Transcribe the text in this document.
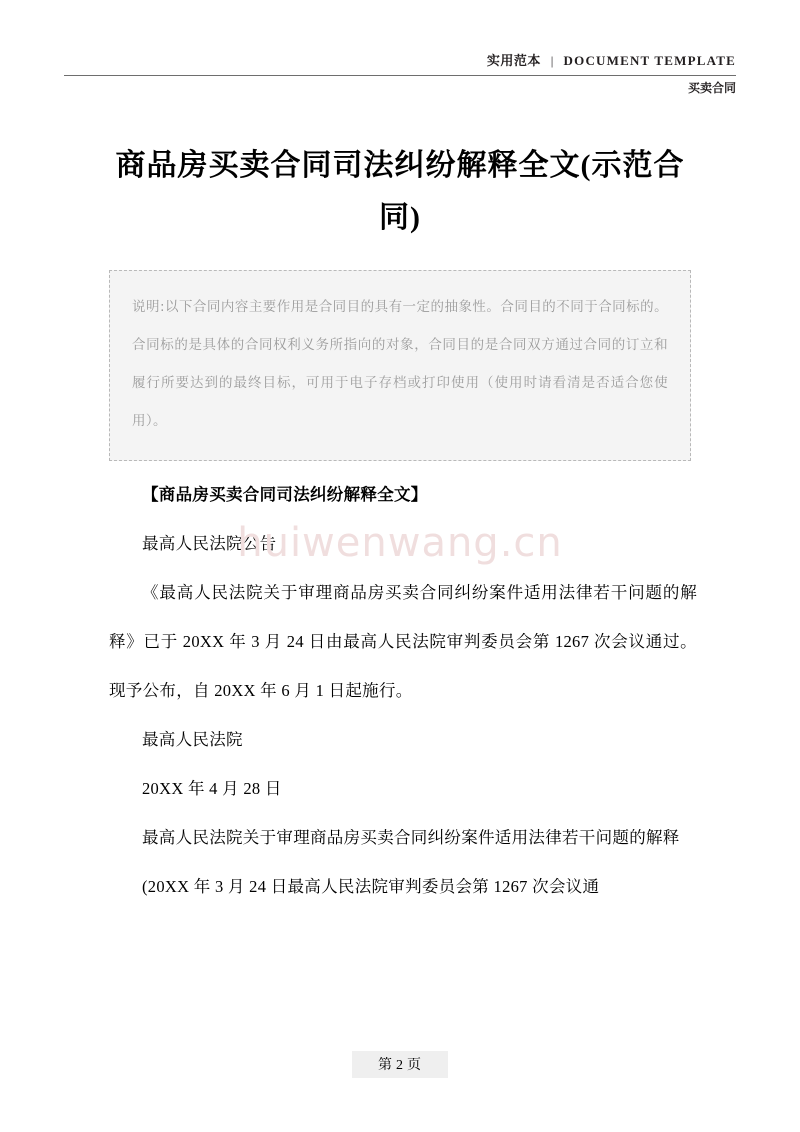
实用范本 | DOCUMENT TEMPLATE
买卖合同
商品房买卖合同司法纠纷解释全文(示范合同)
说明:以下合同内容主要作用是合同目的具有一定的抽象性。合同目的不同于合同标的。合同标的是具体的合同权利义务所指向的对象，合同目的是合同双方通过合同的订立和履行所要达到的最终目标，可用于电子存档或打印使用（使用时请看清是否适合您使用）。
huiwenwang.cn

【商品房买卖合同司法纠纷解释全文】

最高人民法院公告

《最高人民法院关于审理商品房买卖合同纠纷案件适用法律若干问题的解释》已于 20XX 年 3 月 24 日由最高人民法院审判委员会第 1267 次会议通过。现予公布，自 20XX 年 6 月 1 日起施行。

最高人民法院

20XX 年 4 月 28 日

最高人民法院关于审理商品房买卖合同纠纷案件适用法律若干问题的解释

(20XX 年 3 月 24 日最高人民法院审判委员会第 1267 次会议通

第 2 页
